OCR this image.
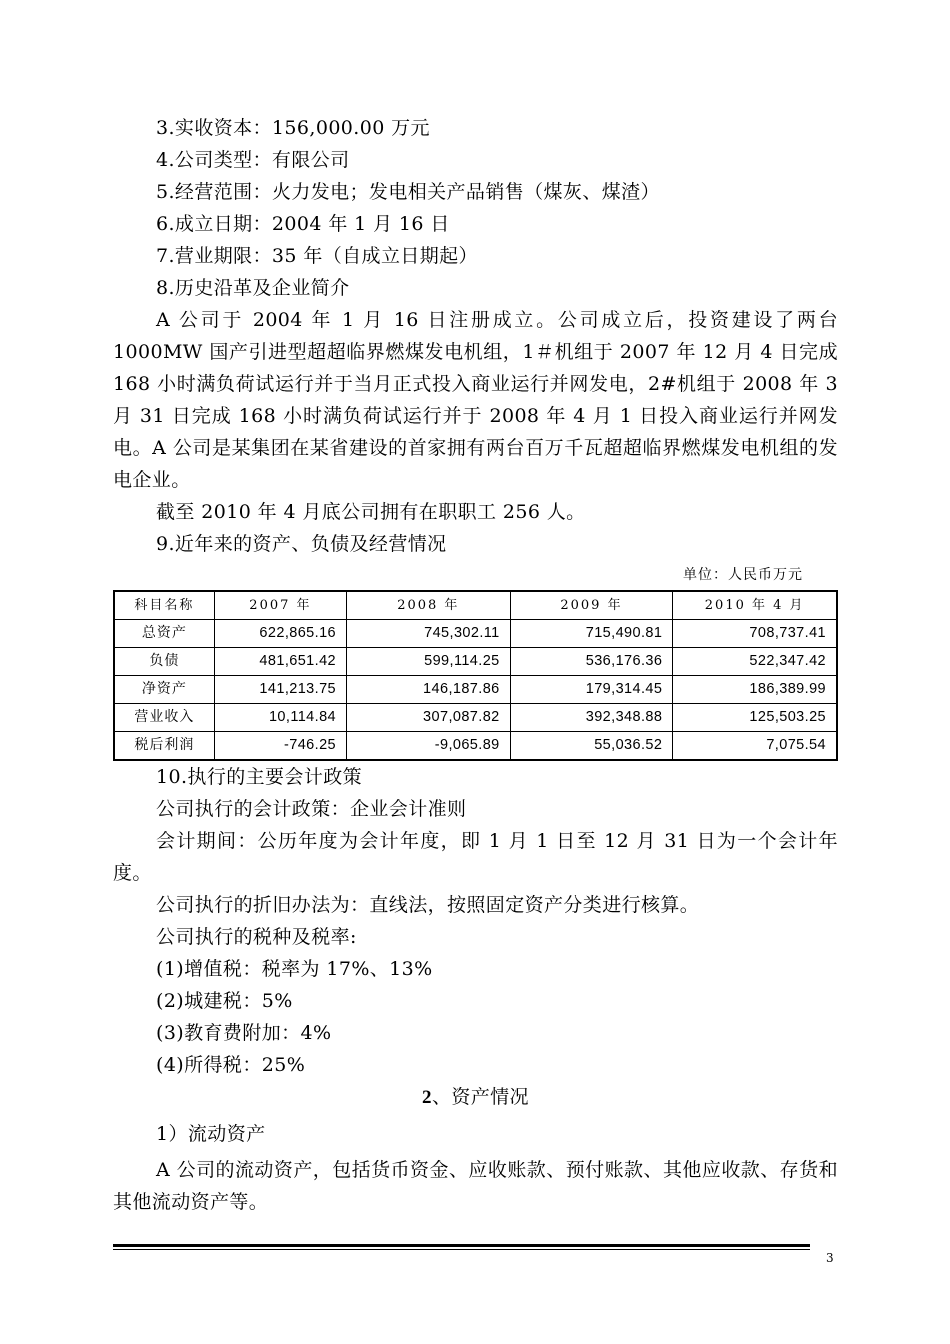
3.实收资本：156,000.00 万元

4.公司类型：有限公司

5.经营范围：火力发电；发电相关产品销售（煤灰、煤渣）

6.成立日期：2004 年 1 月 16 日

7.营业期限：35 年（自成立日期起）

8.历史沿革及企业简介

A 公司于 2004 年 1 月 16 日注册成立。公司成立后，投资建设了两台 1000MW 国产引进型超超临界燃煤发电机组，1＃机组于 2007 年 12 月 4 日完成 168 小时满负荷试运行并于当月正式投入商业运行并网发电，2#机组于 2008 年 3 月 31 日完成 168 小时满负荷试运行并于 2008 年 4 月 1 日投入商业运行并网发电。A 公司是某集团在某省建设的首家拥有两台百万千瓦超超临界燃煤发电机组的发电企业。

截至 2010 年 4 月底公司拥有在职职工 256 人。

9.近年来的资产、负债及经营情况

单位：人民币万元
科目名称	2007 年	2008 年	2009 年	2010 年 4 月
总资产	622,865.16	745,302.11	715,490.81	708,737.41
负债	481,651.42	599,114.25	536,176.36	522,347.42
净资产	141,213.75	146,187.86	179,314.45	186,389.99
营业收入	10,114.84	307,087.82	392,348.88	125,503.25
税后利润	-746.25	-9,065.89	55,036.52	7,075.54

10.执行的主要会计政策

公司执行的会计政策：企业会计准则

会计期间：公历年度为会计年度，即 1 月 1 日至 12 月 31 日为一个会计年度。

公司执行的折旧办法为：直线法，按照固定资产分类进行核算。

公司执行的税种及税率:

(1)增值税：税率为 17%、13%

(2)城建税：5%

(3)教育费附加：4%

(4)所得税：25%

2、资产情况

1）流动资产

A 公司的流动资产，包括货币资金、应收账款、预付账款、其他应收款、存货和其他流动资产等。

3
